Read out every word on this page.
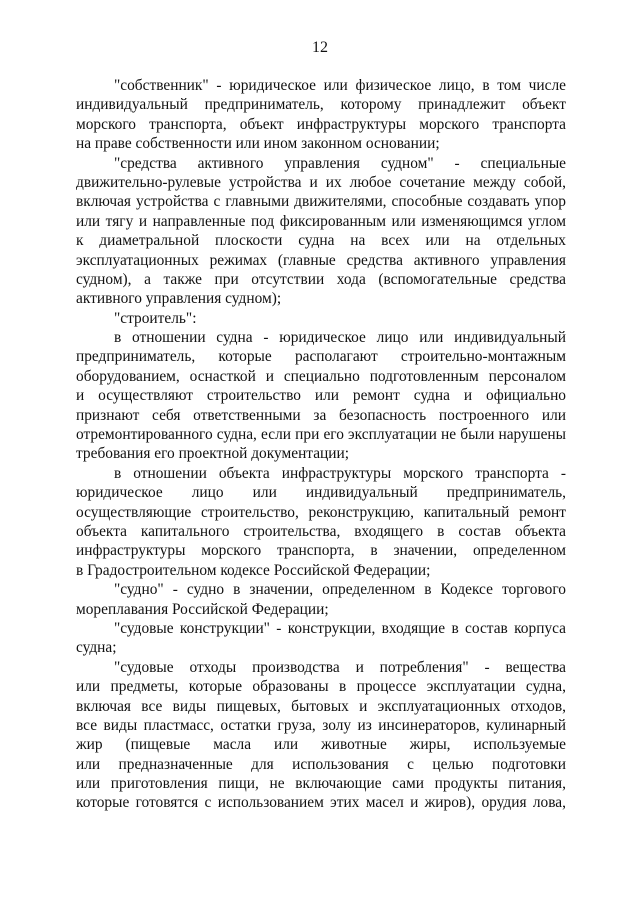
12

"собственник" - юридическое или физическое лицо, в том числе
индивидуальный предприниматель, которому принадлежит объект
морского транспорта, объект инфраструктуры морского транспорта
на праве собственности или ином законном основании;

"средства активного управления судном" - специальные
движительно-рулевые устройства и их любое сочетание между собой,
включая устройства с главными движителями, способные создавать упор
или тягу и направленные под фиксированным или изменяющимся углом
к диаметральной плоскости судна на всех или на отдельных
эксплуатационных режимах (главные средства активного управления
судном), а также при отсутствии хода (вспомогательные средства
активного управления судном);

"строитель":

в отношении судна - юридическое лицо или индивидуальный
предприниматель, которые располагают строительно-монтажным
оборудованием, оснасткой и специально подготовленным персоналом
и осуществляют строительство или ремонт судна и официально
признают себя ответственными за безопасность построенного или
отремонтированного судна, если при его эксплуатации не были нарушены
требования его проектной документации;

в отношении объекта инфраструктуры морского транспорта -
юридическое лицо или индивидуальный предприниматель,
осуществляющие строительство, реконструкцию, капитальный ремонт
объекта капитального строительства, входящего в состав объекта
инфраструктуры морского транспорта, в значении, определенном
в Градостроительном кодексе Российской Федерации;

"судно" - судно в значении, определенном в Кодексе торгового
мореплавания Российской Федерации;

"судовые конструкции" - конструкции, входящие в состав корпуса
судна;

"судовые отходы производства и потребления" - вещества
или предметы, которые образованы в процессе эксплуатации судна,
включая все виды пищевых, бытовых и эксплуатационных отходов,
все виды пластмасс, остатки груза, золу из инсинераторов, кулинарный
жир (пищевые масла или животные жиры, используемые
или предназначенные для использования с целью подготовки
или приготовления пищи, не включающие сами продукты питания,
которые готовятся с использованием этих масел и жиров), орудия лова,
